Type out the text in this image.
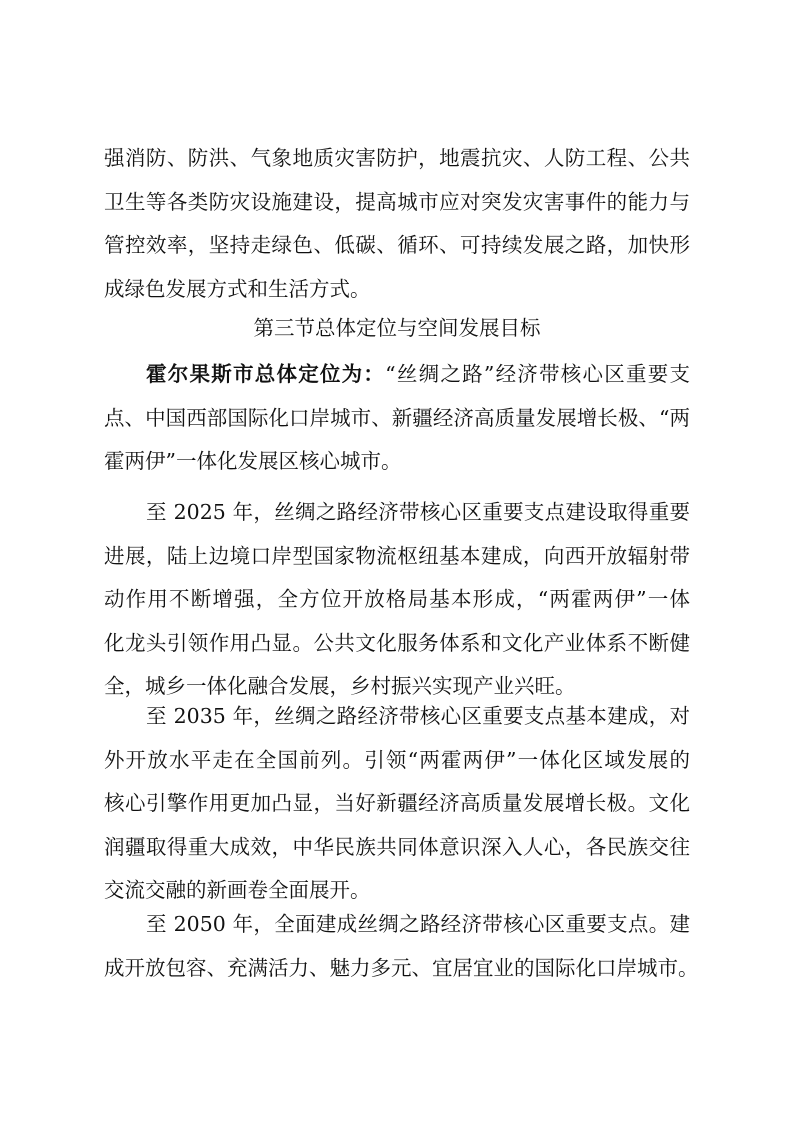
强消防、防洪、气象地质灾害防护，地震抗灾、人防工程、公共
卫生等各类防灾设施建设，提高城市应对突发灾害事件的能力与
管控效率，坚持走绿色、低碳、循环、可持续发展之路，加快形
成绿色发展方式和生活方式。
第三节总体定位与空间发展目标
霍尔果斯市总体定位为：“丝绸之路”经济带核心区重要支
点、中国西部国际化口岸城市、新疆经济高质量发展增长极、“两
霍两伊”一体化发展区核心城市。
至 2025 年，丝绸之路经济带核心区重要支点建设取得重要
进展，陆上边境口岸型国家物流枢纽基本建成，向西开放辐射带
动作用不断增强，全方位开放格局基本形成，“两霍两伊”一体
化龙头引领作用凸显。公共文化服务体系和文化产业体系不断健
全，城乡一体化融合发展，乡村振兴实现产业兴旺。
至 2035 年，丝绸之路经济带核心区重要支点基本建成，对
外开放水平走在全国前列。引领“两霍两伊”一体化区域发展的
核心引擎作用更加凸显，当好新疆经济高质量发展增长极。文化
润疆取得重大成效，中华民族共同体意识深入人心，各民族交往
交流交融的新画卷全面展开。
至 2050 年，全面建成丝绸之路经济带核心区重要支点。建
成开放包容、充满活力、魅力多元、宜居宜业的国际化口岸城市。
